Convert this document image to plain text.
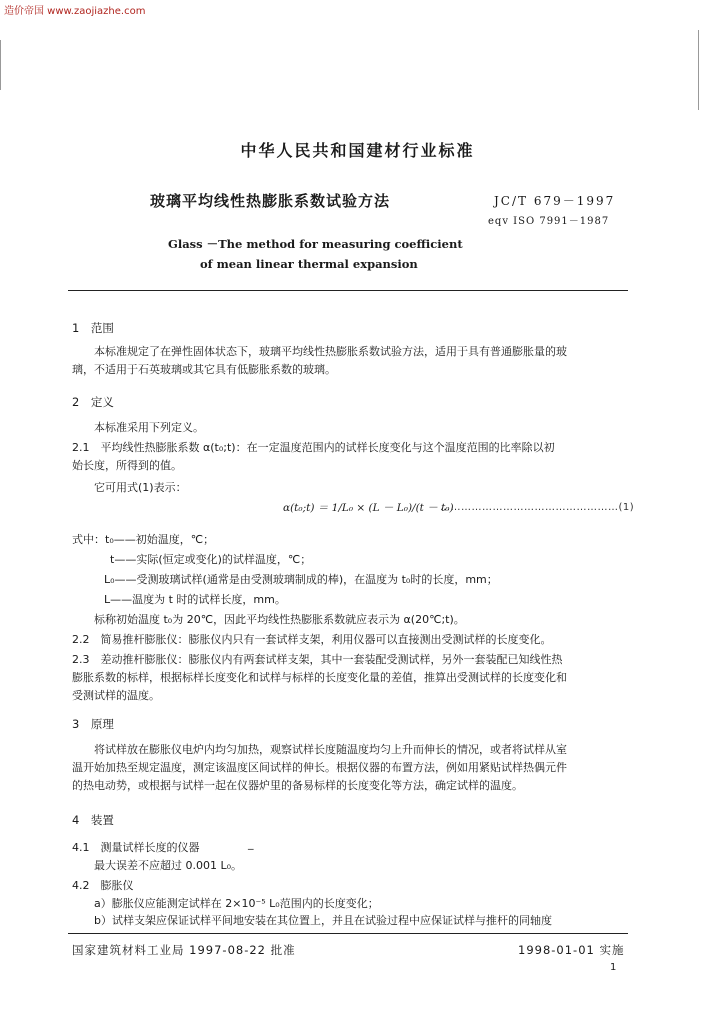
造价帝国 www.zaojiazhe.com
中华人民共和国建材行业标准
玻璃平均线性热膨胀系数试验方法	JC/T 679－1997
eqv ISO 7991－1987
Glass －The method for measuring coefficient
of mean linear thermal expansion
1　范围
本标准规定了在弹性固体状态下，玻璃平均线性热膨胀系数试验方法，适用于具有普通膨胀量的玻
璃，不适用于石英玻璃或其它具有低膨胀系数的玻璃。
2　定义
本标准采用下列定义。
2.1　平均线性热膨胀系数 α(t₀;t)：在一定温度范围内的试样长度变化与这个温度范围的比率除以初
始长度，所得到的值。
它可用式(1)表示：
α(t₀;t) ＝ 1/L₀ × (L － L₀)/(t － t₀)
……………………………………………(1)
式中：t₀——初始温度，℃；
t——实际(恒定或变化)的试样温度，℃；
L₀——受测玻璃试样(通常是由受测玻璃制成的棒)，在温度为 t₀时的长度，mm；
L——温度为 t 时的试样长度，mm。
标称初始温度 t₀为 20℃，因此平均线性热膨胀系数就应表示为 α(20℃;t)。
2.2　简易推杆膨胀仪：膨胀仪内只有一套试样支架，利用仪器可以直接测出受测试样的长度变化。
2.3　差动推杆膨胀仪：膨胀仪内有两套试样支架，其中一套装配受测试样，另外一套装配已知线性热
膨胀系数的标样，根据标样长度变化和试样与标样的长度变化量的差值，推算出受测试样的长度变化和
受测试样的温度。
3　原理
将试样放在膨胀仪电炉内均匀加热，观察试样长度随温度均匀上升而伸长的情况，或者将试样从室
温开始加热至规定温度，测定该温度区间试样的伸长。根据仪器的布置方法，例如用紧贴试样热偶元件
的热电动势，或根据与试样一起在仪器炉里的备易标样的长度变化等方法，确定试样的温度。
4　装置
4.1　测量试样长度的仪器	_
最大误差不应超过 0.001 L₀。
4.2　膨胀仪
a）膨胀仪应能测定试样在 2×10⁻⁵ L₀范围内的长度变化；
b）试样支架应保证试样平间地安装在其位置上，并且在试验过程中应保证试样与推杆的同轴度
国家建筑材料工业局 1997-08-22 批准	1998-01-01 实施
1
